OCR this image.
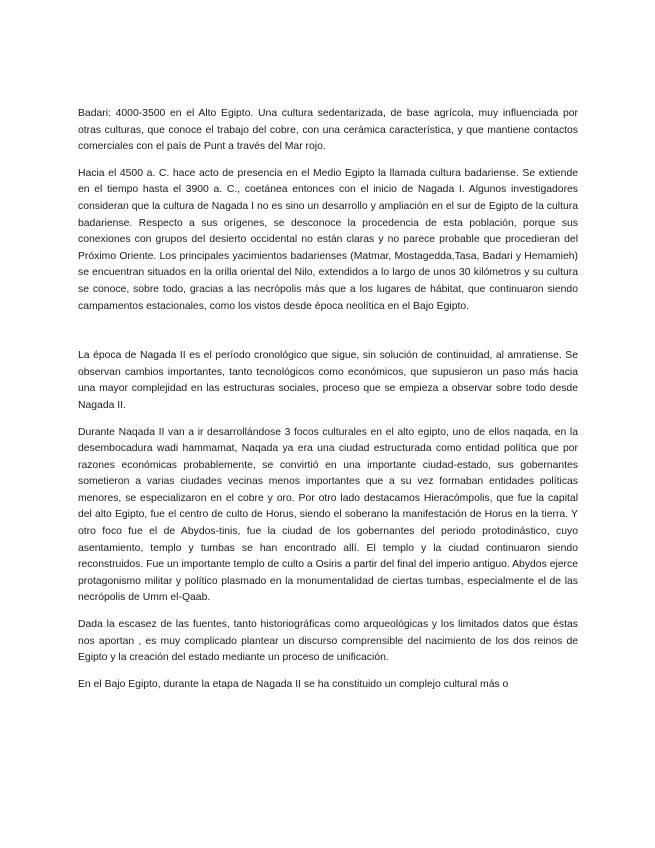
Badari: 4000-3500 en el Alto Egipto. Una cultura sedentarizada, de base agrícola, muy influenciada por otras culturas, que conoce el trabajo del cobre, con una cerámica característica, y que mantiene contactos comerciales con el país de Punt a través del Mar rojo.

Hacia el 4500 a. C. hace acto de presencia en el Medio Egipto la llamada cultura badariense. Se extiende en el tiempo hasta el 3900 a. C., coetánea entonces con el inicio de Nagada I. Algunos investigadores consideran que la cultura de Nagada I no es sino un desarrollo y ampliación en el sur de Egipto de la cultura badariense. Respecto a sus orígenes, se desconoce la procedencia de esta población, porque sus conexiones con grupos del desierto occidental no están claras y no parece probable que procedieran del Próximo Oriente. Los principales yacimientos badarienses (Matmar, Mostagedda,Tasa, Badari y Hemamieh) se encuentran situados en la orilla oriental del Nilo, extendidos a lo largo de unos 30 kilómetros y su cultura se conoce, sobre todo, gracias a las necrópolis más que a los lugares de hábitat, que continuaron siendo campamentos estacionales, como los vistos desde época neolítica en el Bajo Egipto.

La época de Nagada II es el período cronológico que sigue, sin solución de continuidad, al amratiense. Se observan cambios importantes, tanto tecnológicos como económicos, que supusieron un paso más hacia una mayor complejidad en las estructuras sociales, proceso que se empieza a observar sobre todo desde Nagada II.

Durante Naqada II van a ir desarrollándose 3 focos culturales en el alto egipto, uno de ellos naqada, en la desembocadura wadi hammamat, Naqada ya era una ciudad estructurada como entidad política que por razones económicas probablemente, se convirtió en una importante ciudad-estado, sus gobernantes sometieron a varias ciudades vecinas menos importantes que a su vez formaban entidades políticas menores, se especializaron en el cobre y oro. Por otro lado destacamos Hieracómpolis, que fue la capital del alto Egipto, fue el centro de culto de Horus, siendo el soberano la manifestación de Horus en la tierra. Y otro foco fue el de Abydos-tinis, fue la ciudad de los gobernantes del periodo protodinástico, cuyo asentamiento, templo y tumbas se han encontrado allí. El templo y la ciudad continuaron siendo reconstruidos. Fue un importante templo de culto a Osiris a partir del final del imperio antiguo. Abydos ejerce protagonismo militar y político plasmado en la monumentalidad de ciertas tumbas, especialmente el de las necrópolis de Umm el-Qaab.

Dada la escasez de las fuentes, tanto historiográficas como arqueológicas y los limitados datos que éstas nos aportan , es muy complicado plantear un discurso comprensible del nacimiento de los dos reinos de Egipto y la creación del estado mediante un proceso de unificación.

En el Bajo Egipto, durante la etapa de Nagada II se ha constituido un complejo cultural más o
